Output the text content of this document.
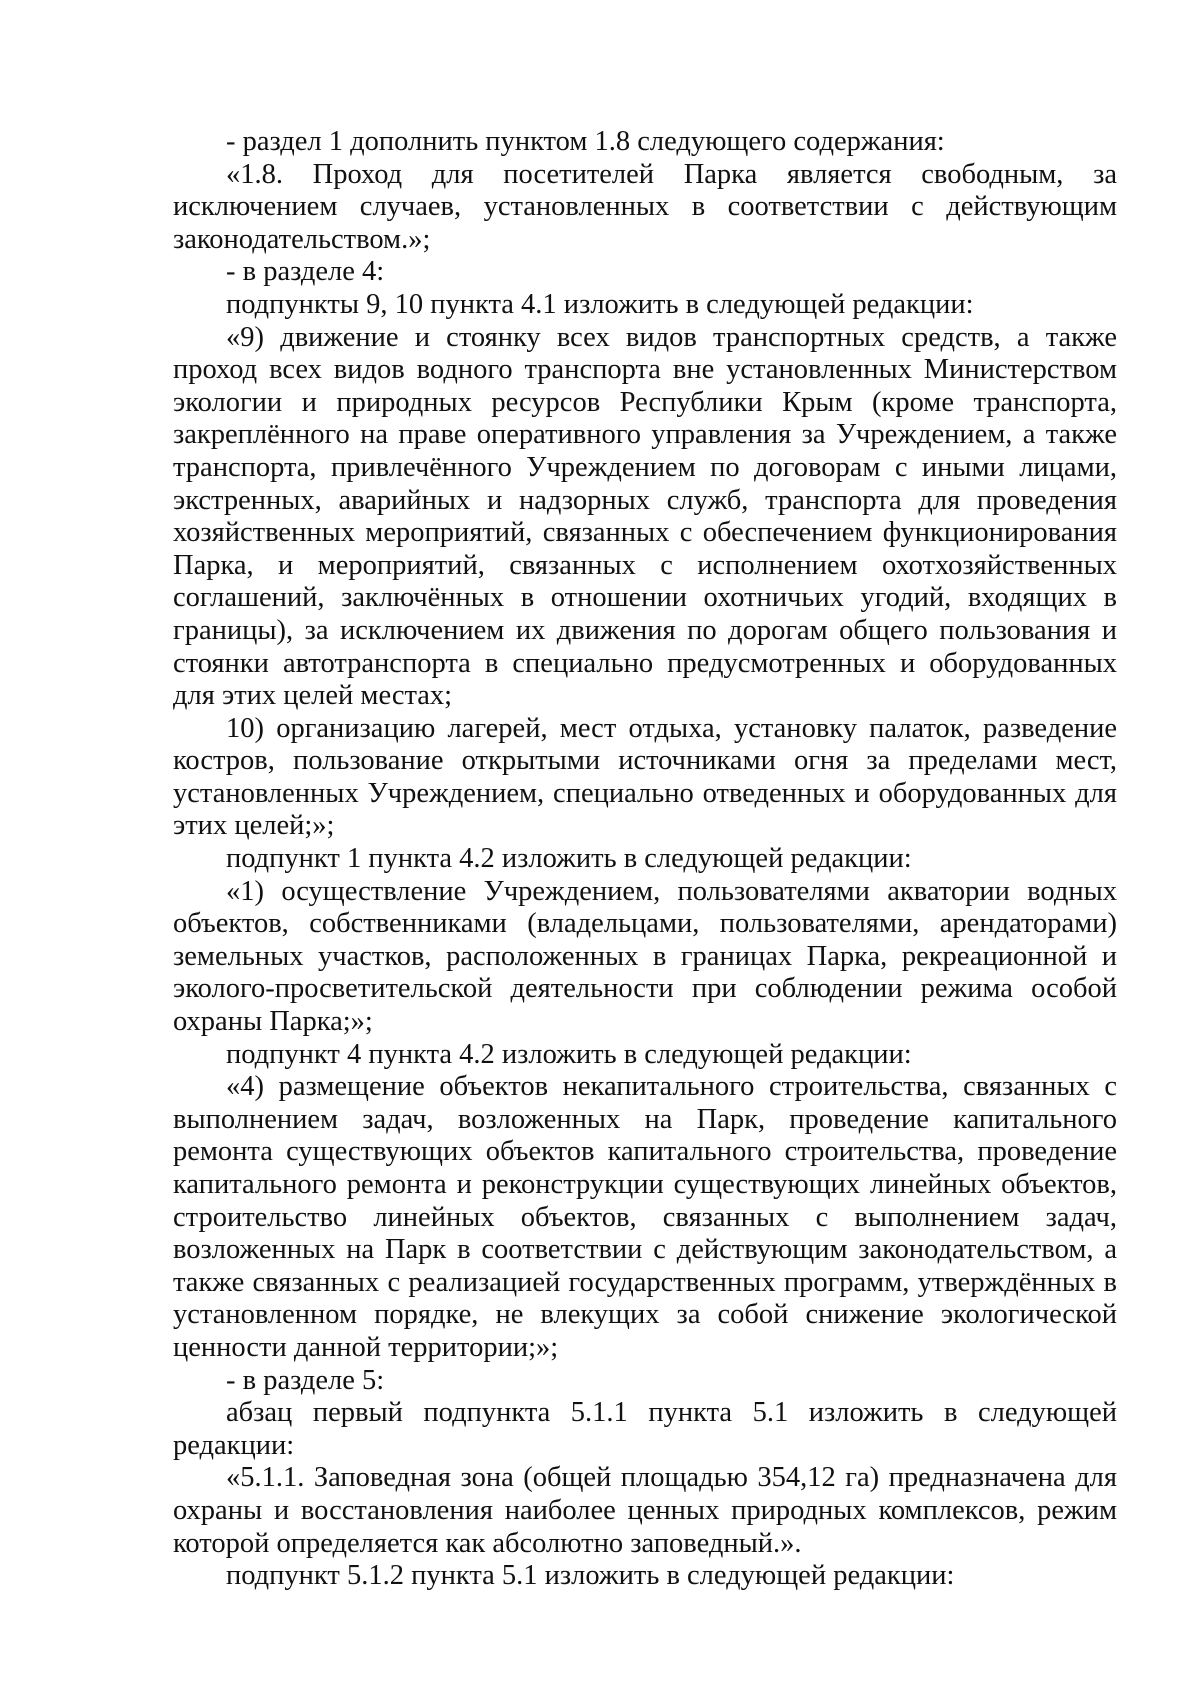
- раздел 1 дополнить пунктом 1.8 следующего содержания:

«1.8. Проход для посетителей Парка является свободным, за исключением случаев, установленных в соответствии с действующим законодательством.»;

- в разделе 4:

подпункты 9, 10 пункта 4.1 изложить в следующей редакции:

«9) движение и стоянку всех видов транспортных средств, а также проход всех видов водного транспорта вне установленных Министерством экологии и природных ресурсов Республики Крым (кроме транспорта, закреплённого на праве оперативного управления за Учреждением, а также транспорта, привлечённого Учреждением по договорам с иными лицами, экстренных, аварийных и надзорных служб, транспорта для проведения хозяйственных мероприятий, связанных с обеспечением функционирования Парка, и мероприятий, связанных с исполнением охотхозяйственных соглашений, заключённых в отношении охотничьих угодий, входящих в границы), за исключением их движения по дорогам общего пользования и стоянки автотранспорта в специально предусмотренных и оборудованных для этих целей местах;

10) организацию лагерей, мест отдыха, установку палаток, разведение костров, пользование открытыми источниками огня за пределами мест, установленных Учреждением, специально отведенных и оборудованных для этих целей;»;

подпункт 1 пункта 4.2 изложить в следующей редакции:

«1) осуществление Учреждением, пользователями акватории водных объектов, собственниками (владельцами, пользователями, арендаторами) земельных участков, расположенных в границах Парка, рекреационной и эколого-просветительской деятельности при соблюдении режима особой охраны Парка;»;

подпункт 4 пункта 4.2 изложить в следующей редакции:

«4) размещение объектов некапитального строительства, связанных с выполнением задач, возложенных на Парк, проведение капитального ремонта существующих объектов капитального строительства, проведение капитального ремонта и реконструкции существующих линейных объектов, строительство линейных объектов, связанных с выполнением задач, возложенных на Парк в соответствии с действующим законодательством, а также связанных с реализацией государственных программ, утверждённых в установленном порядке, не влекущих за собой снижение экологической ценности данной территории;»;

- в разделе 5:

абзац первый подпункта 5.1.1 пункта 5.1 изложить в следующей редакции:

«5.1.1. Заповедная зона (общей площадью 354,12 га) предназначена для охраны и восстановления наиболее ценных природных комплексов, режим которой определяется как абсолютно заповедный.».

подпункт 5.1.2 пункта 5.1 изложить в следующей редакции:
